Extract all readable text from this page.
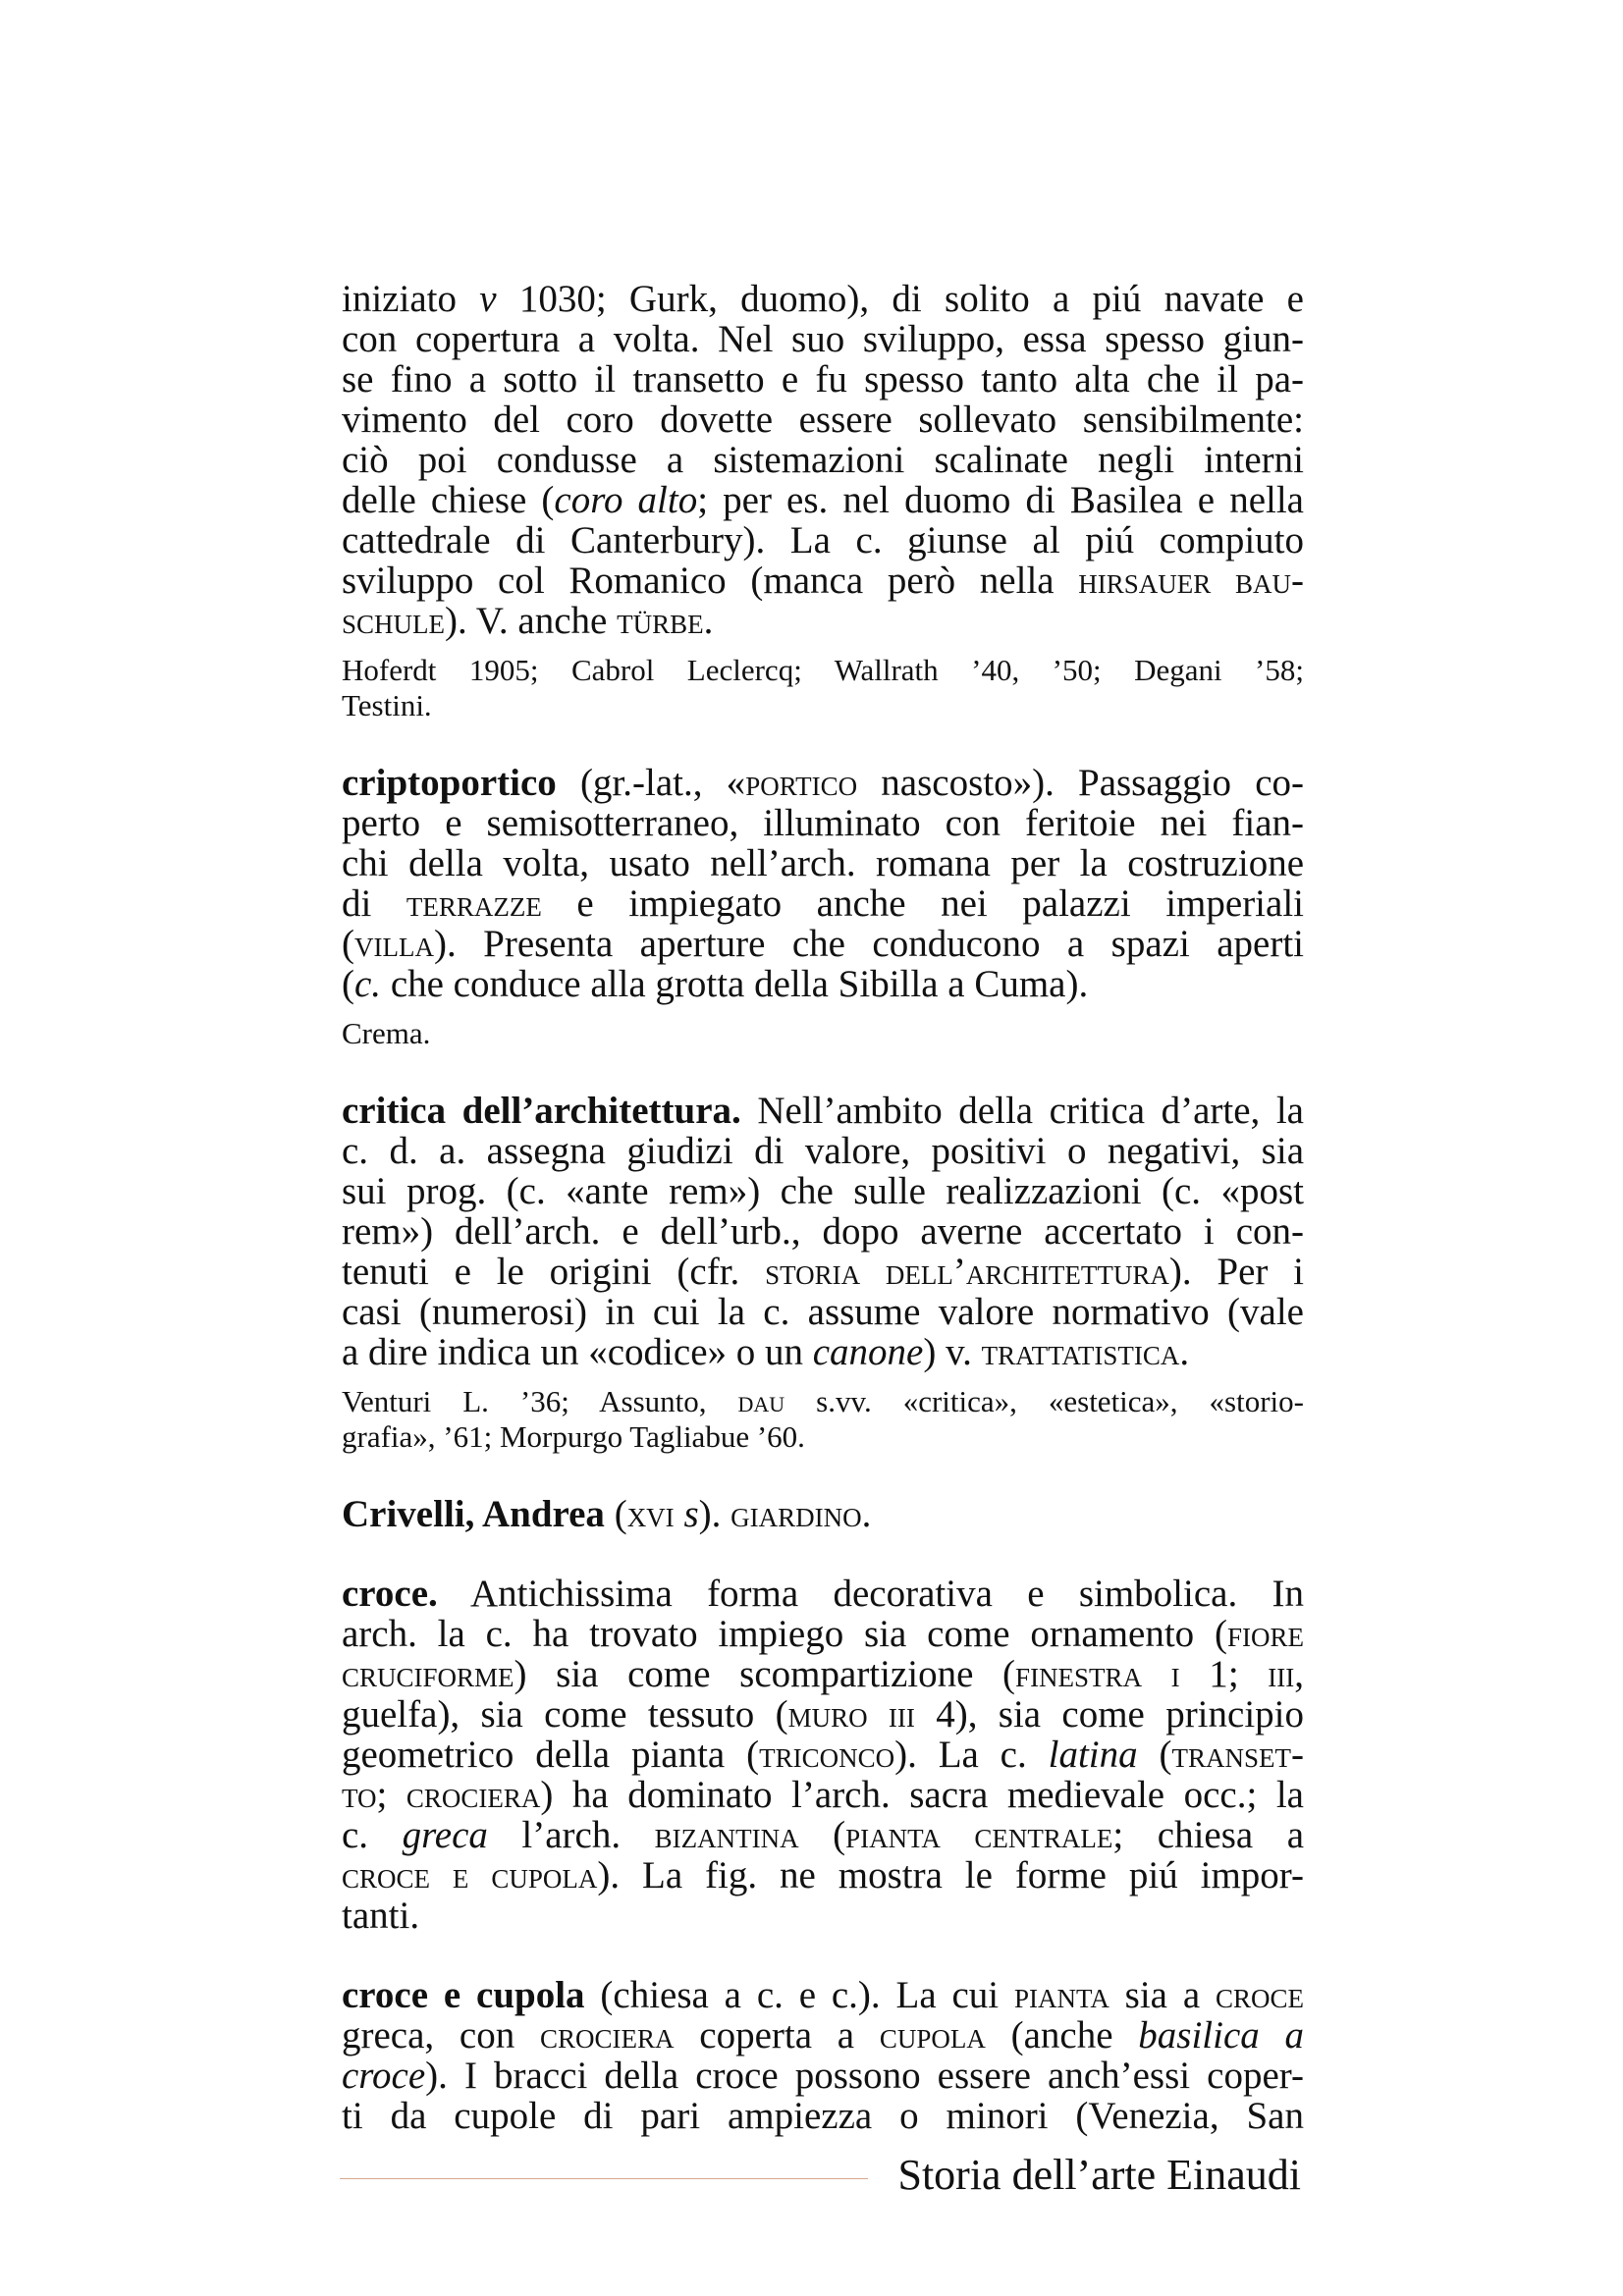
iniziato v 1030; Gurk, duomo), di solito a piú navate e
con copertura a volta. Nel suo sviluppo, essa spesso giun-
se fino a sotto il transetto e fu spesso tanto alta che il pa-
vimento del coro dovette essere sollevato sensibilmente:
ciò poi condusse a sistemazioni scalinate negli interni
delle chiese (coro alto; per es. nel duomo di Basilea e nella
cattedrale di Canterbury). La c. giunse al piú compiuto
sviluppo col Romanico (manca però nella hirsauer bau-
schule). V. anche türbe.
Hoferdt 1905; Cabrol Leclercq; Wallrath ’40, ’50; Degani ’58;
Testini.
criptoportico (gr.-lat., «portico nascosto»). Passaggio co-
perto e semisotterraneo, illuminato con feritoie nei fian-
chi della volta, usato nell’arch. romana per la costruzione
di terrazze e impiegato anche nei palazzi imperiali
(villa). Presenta aperture che conducono a spazi aperti
(c. che conduce alla grotta della Sibilla a Cuma).
Crema.
critica dell’architettura. Nell’ambito della critica d’arte, la
c. d. a. assegna giudizi di valore, positivi o negativi, sia
sui prog. (c. «ante rem») che sulle realizzazioni (c. «post
rem») dell’arch. e dell’urb., dopo averne accertato i con-
tenuti e le origini (cfr. storia dell’architettura). Per i
casi (numerosi) in cui la c. assume valore normativo (vale
a dire indica un «codice» o un canone) v. trattatistica.
Venturi L. ’36; Assunto, dau s.vv. «critica», «estetica», «storio-
grafia», ’61; Morpurgo Tagliabue ’60.
Crivelli, Andrea (xvi s). giardino.
croce. Antichissima forma decorativa e simbolica. In
arch. la c. ha trovato impiego sia come ornamento (fiore
cruciforme) sia come scompartizione (finestra i 1; iii,
guelfa), sia come tessuto (muro iii 4), sia come principio
geometrico della pianta (triconco). La c. latina (transet-
to; crociera) ha dominato l’arch. sacra medievale occ.; la
c. greca l’arch. bizantina (pianta centrale; chiesa a
croce e cupola). La fig. ne mostra le forme piú impor-
tanti.
croce e cupola (chiesa a c. e c.). La cui pianta sia a croce
greca, con crociera coperta a cupola (anche basilica a
croce). I bracci della croce possono essere anch’essi coper-
ti da cupole di pari ampiezza o minori (Venezia, San
Storia dell’arte Einaudi
